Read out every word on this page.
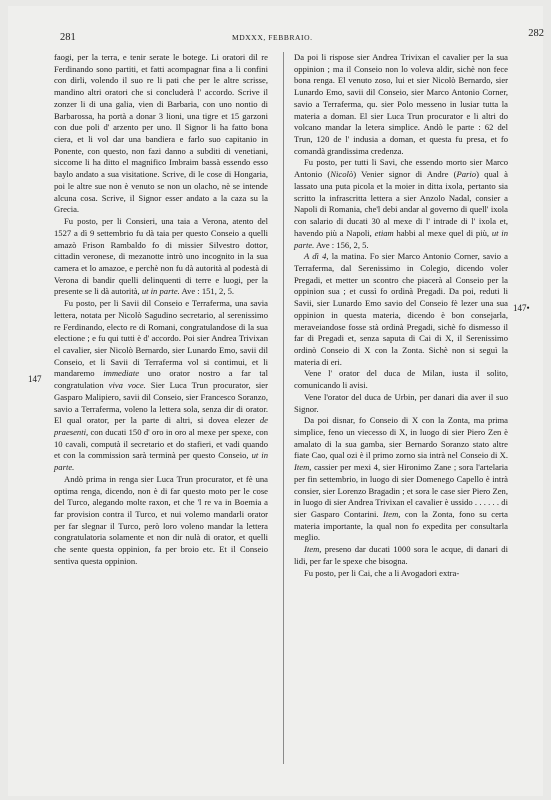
281	MDXXX, FEBBRAIO.	282

faogi, per la terra, e tenir serate le botege. Li oratori dil re Ferdinando sono partiti, et fatti acompagnar fina a li confini con dirli, volendo il suo re li pati che per le altre scrisse, mandino altri oratori che si concluderà l' accordo. Scrive il zonzer li di una galia, vien di Barbaria, con uno nontio di Barbarossa, ha portà a donar 3 lioni, una tigre et 15 garzoni con due poli d' arzento per uno. Il Signor li ha fatto bona ciera, et li vol dar una bandiera e farlo suo capitanio in Ponente, con questo, non fazi danno a subditi di venetiani, siccome li ha ditto el magnifico Imbraim bassà essendo esso baylo andato a sua visitatione. Scrive, di le cose di Hongaria, poi le altre sue non è venuto se non un olacho, nè se intende alcuna cosa. Scrive, il Signor esser andato a la caza su la Grecia.

Fu posto, per li Consieri, una taia a Verona, atento del 1527 a dì 9 settembrio fu dà taia per questo Conseio a quelli amazò Frison Rambaldo fo di missier Silvestro dottor, cittadin veronese, di mezanotte intrò uno incognito in la sua camera et lo amazoe, e perchè non fu dà autorità al podestà di Verona di bandir quelli delinquenti di terre e luogi, per la presente se li dà autorità, ut in parte. Ave : 151, 2, 5.

Fu posto, per li Savii dil Conseio e Terraferma, una savia lettera, notata per Nicolò Sagudino secretario, al serenissimo re Ferdinando, electo re di Romani, congratulandose di la sua electione ; e fu qui tutti è d' accordo. Poi sier Andrea Trivixan el cavalier, sier Nicolò Bernardo, sier Lunardo Emo, savii dil Conseio, et li Savii di Terraferma vol si contimui, et li mandaremo immediate uno orator nostro a far tal congratulation viva voce. Sier Luca Trun procurator, sier Gasparo Malipiero, savii dil Conseio, sier Francesco Soranzo, savio a Terraferma, voleno la lettera sola, senza dir di orator. El qual orator, per la parte di altri, si dovea elezer de praesenti, con ducati 150 d' oro in oro al mexe per spexe, con 10 cavali, computà il secretario et do stafieri, et vadi quando et con la commission sarà terminà per questo Conseio, ut in parte.

Andò prima in renga sier Luca Trun procurator, et fè una optima renga, dicendo, non è di far questo moto per le cose del Turco, alegando molte raxon, et che 'l re va in Boemia a far provision contra il Turco, et nui volemo mandarli orator per far slegnar il Turco, però loro voleno mandar la lettera congratulatoria solamente et non dir nulà di orator, et quelli che sente questa oppinion, fa per broio etc. Et il Conseio sentiva questa oppinion.

Da poi li rispose sier Andrea Trivixan el cavalier per la sua oppinion ; ma il Conseio non lo voleva aldir, sichè non fece bona renga. El venuto zoso, lui et sier Nicolò Bernardo, sier Lunardo Emo, savii dil Conseio, sier Marco Antonio Corner, savio a Terraferma, qu. sier Polo messeno in lusiar tutta la materia a doman. El sier Luca Trun procurator e li altri do volcano mandar la letera simplice. Andò le parte : 62 del Trun, 120 de l' indusia a doman, et questa fu presa, et fo comandà grandissima credenza.

Fu posto, per tutti li Savi, che essendo morto sier Marco Antonio (Nicolò) Venier signor di Andre (Pario) qual à lassato una puta picola et la moier in ditta ixola, pertanto sia scritto la infrascritta lettera a sier Anzolo Nadal, consier a Napoli di Romania, che'l debi andar al governo di quell' ixola con salario di ducati 30 al mexe di l' intrade di l' ixola et, havendo più a Napoli, etiam habbi al mexe quel di più, ut in parte. Ave : 156, 2, 5.

A dì 4, la matina. Fo sier Marco Antonio Corner, savio a Terraferma, dal Serenissimo in Colegio, dicendo voler Pregadi, et metter un scontro che piacerà al Conseio per la oppinion sua ; et cussì fo ordinà Pregadi. Da poi, reduti li Savii, sier Lunardo Emo savio del Conseio fè lezer una sua oppinion in questa materia, dicendo è bon consejarla, meraveiandose fosse stà ordinà Pregadi, sichè fo dismesso il far di Pregadi et, senza saputa di Cai di X, il Serenissimo ordinò Conseio di X con la Zonta. Sichè non si seguì la materia di eri.

Vene l' orator del duca de Milan, iusta il solito, comunicando li avisi.

Vene l'orator del duca de Urbin, per danari dia aver il suo Signor.

Da poi disnar, fo Conseio di X con la Zonta, ma prima simplice, feno un viecesso di X, in luogo di sier Piero Zen è amalato di la sua gamba, sier Bernardo Soranzo stato altre fiate Cao, qual ozi è il primo zorno sia intrà nel Conseio di X. Item, cassier per mexi 4, sier Hironimo Zane ; sora l'artelaria per fin settembrio, in luogo di sier Domenego Capello è intrà consier, sier Lorenzo Bragadin ; et sora le case sier Piero Zen, in luogo di sier Andrea Trivixan el cavalier è ussido . . . . . . di sier Gasparo Contarini. Item, con la Zonta, fono su certa materia importante, la qual non fo expedita per consultarla meglio.

Item, preseno dar ducati 1000 sora le acque, di danari di lidi, per far le spexe che bisogna.

Fu posto, per li Cai, che a li Avogadori extra-

147
147•
